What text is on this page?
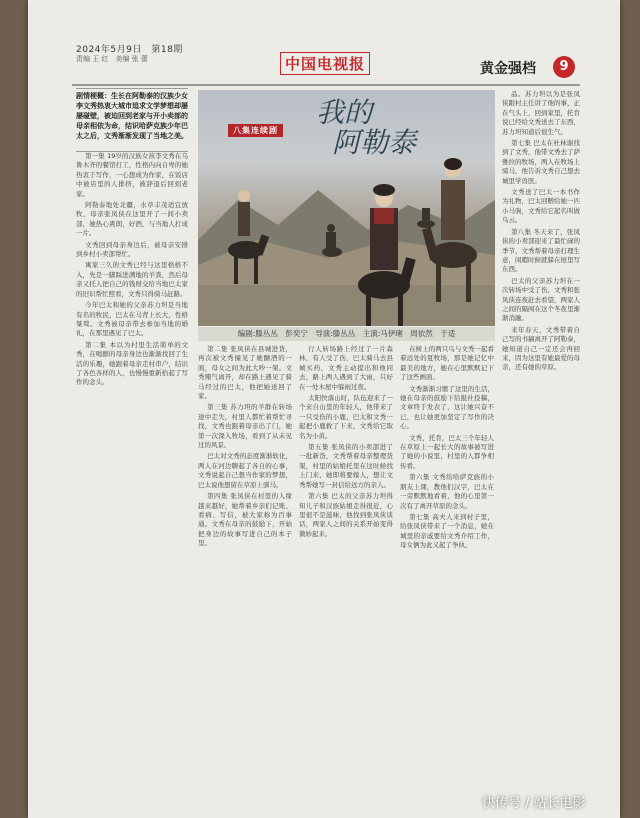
2024年5月9日　第18期
责编 王 红　美编 张 蕾	中国电视报	黄金强档	9
剧情梗概：生长在阿勒泰的汉族少女李文秀热衷大城市追求文学梦想却屡屡碰壁，被迫回到老家与开小卖部的母亲相依为命，结识哈萨克族少年巴太之后，文秀渐渐发现了当地之美。
八集连续剧
我的
阿勒泰
编剧:滕丛丛　彭奕宁　导演:滕丛丛　主演:马伊琍　周依然　于适

第一集 19岁的汉族女孩李文秀在乌鲁木齐的餐馆打工，性格内向自卑的她热衷于写作，一心想成为作家，在饭店中被店里的人排挤，被辞退后回到老家。

阿勒泰地处北疆，水草丰茂适宜放牧，母亲张凤侠在这里开了一间小卖部，她热心爽朗、好酒，与当地人打成一片。

文秀回到母亲身边后，被母亲安排到乡村小卖部帮忙。

寓家三久的文秀已经与这里格格不入，先是一脚踩进满地的羊粪，然后母亲又托人把自己的钱财交给当地巴太家的旧识帮忙照看，文秀只得骑马赶路。

今年巴太和她的父亲苏力坦是当地有名的牧民，巴太在马背上长大，性格桀骜。文秀被母亲带去参加当地的婚礼，在那里遇见了巴太。

第二集 本以为村里生活简单的文秀，在喝醉的母亲身边也渐渐找回了生活的乐趣，她跟着母亲走村串户，结识了各色各样的人，也慢慢重新拾起了写作的念头。

第二集 张凤侠在县城进货，再次被文秀撞见了她酗酒的一面，母女之间为此大吵一架。文秀赌气离开，却在路上遇见了骑马经过的巴太，他把她送回了家。

第三集 苏力坦的羊群在转场途中走失，村里人都忙着帮忙寻找，文秀也跟着母亲出了门，她第一次深入牧场，看到了从未见过的风景。

巴太对文秀的态度渐渐软化，两人在河边聊起了各自的心事，文秀说起自己想当作家的梦想，巴太说他想留在草原上驯马。

第四集 张凤侠在村里的人缘越来越好，她帮着乡亲们记账、看病、写信，被大家称为百事通。文秀在母亲的鼓励下，开始把身边的故事写进自己的本子里。

行人转场路上经过了一片森林，有人受了伤，巴太骑马去县城买药，文秀主动提出和他同去，路上两人遇到了大雨，只好在一处木屋中躲雨过夜。

太阳快落山时，队伍迎来了一个来自山里的年轻人，他带来了一只受伤的小鹿，巴太和文秀一起把小鹿救了下来，文秀给它取名为小黄。

第五集 张凤侠的小卖部进了一批新货，文秀帮着母亲整理货架，村里的姑娘托里在这时候找上门来，她即将要嫁人，想让文秀帮她写一封信给远方的亲人。

第六集 巴太的父亲苏力坦得知儿子和汉族姑娘走得很近，心里很不是滋味，他找到张凤侠谈话，两家人之间的关系开始变得微妙起来。

在树上的两只鸟与文秀一起看着远处的夏牧场，那是她记忆中最美的地方，她在心里默默记下了这些画面。

文秀渐渐习惯了这里的生活，她在母亲的鼓励下给报社投稿，文章终于发表了，这让她兴奋不已，也让她更加坚定了写作的决心。

文秀，托肯，巴太三个年轻人在草原上一起长大的故事被写进了她的小说里，村里的人都争相传看。

第六集 文秀给哈萨克族的小朋友上课，教他们汉字，巴太在一旁默默地看着，他的心里第一次有了离开草原的念头。

第七集 高夫人来到村子里，给张凤侠带来了一个消息，她在城里的亲戚要给文秀介绍工作，母女俩为此又起了争执。

品。苏力坦以为是张凤侠跟村主任讲了他的事，正在气头上，回到家里，托肯说已经给文秀送去了东西，苏力坦知道后很生气。

第七集 巴太在杜林谢找到了文秀，他带文秀去了萨雅拉的牧场，两人在牧场上骑马，他告诉文秀自己想去城里学兽医。

文秀送了巴太一本书作为礼物，巴太回赠给她一匹小马驹，文秀给它起名叫做乌云。

第八集 冬天来了，张凤侠的小卖部迎来了最忙碌的季节，文秀帮着母亲打理生意，闲暇时候就躲在屋里写东西。

巴太的父亲苏力坦在一次转场中受了伤，文秀和张凤侠连夜赶去看望，两家人之间的隔阂在这个冬夜里渐渐消融。

来年春天，文秀带着自己写的书稿离开了阿勒泰，她知道自己一定还会再回来，因为这里有她最爱的母亲，还有她的草原。

快传号 / 站长电影
